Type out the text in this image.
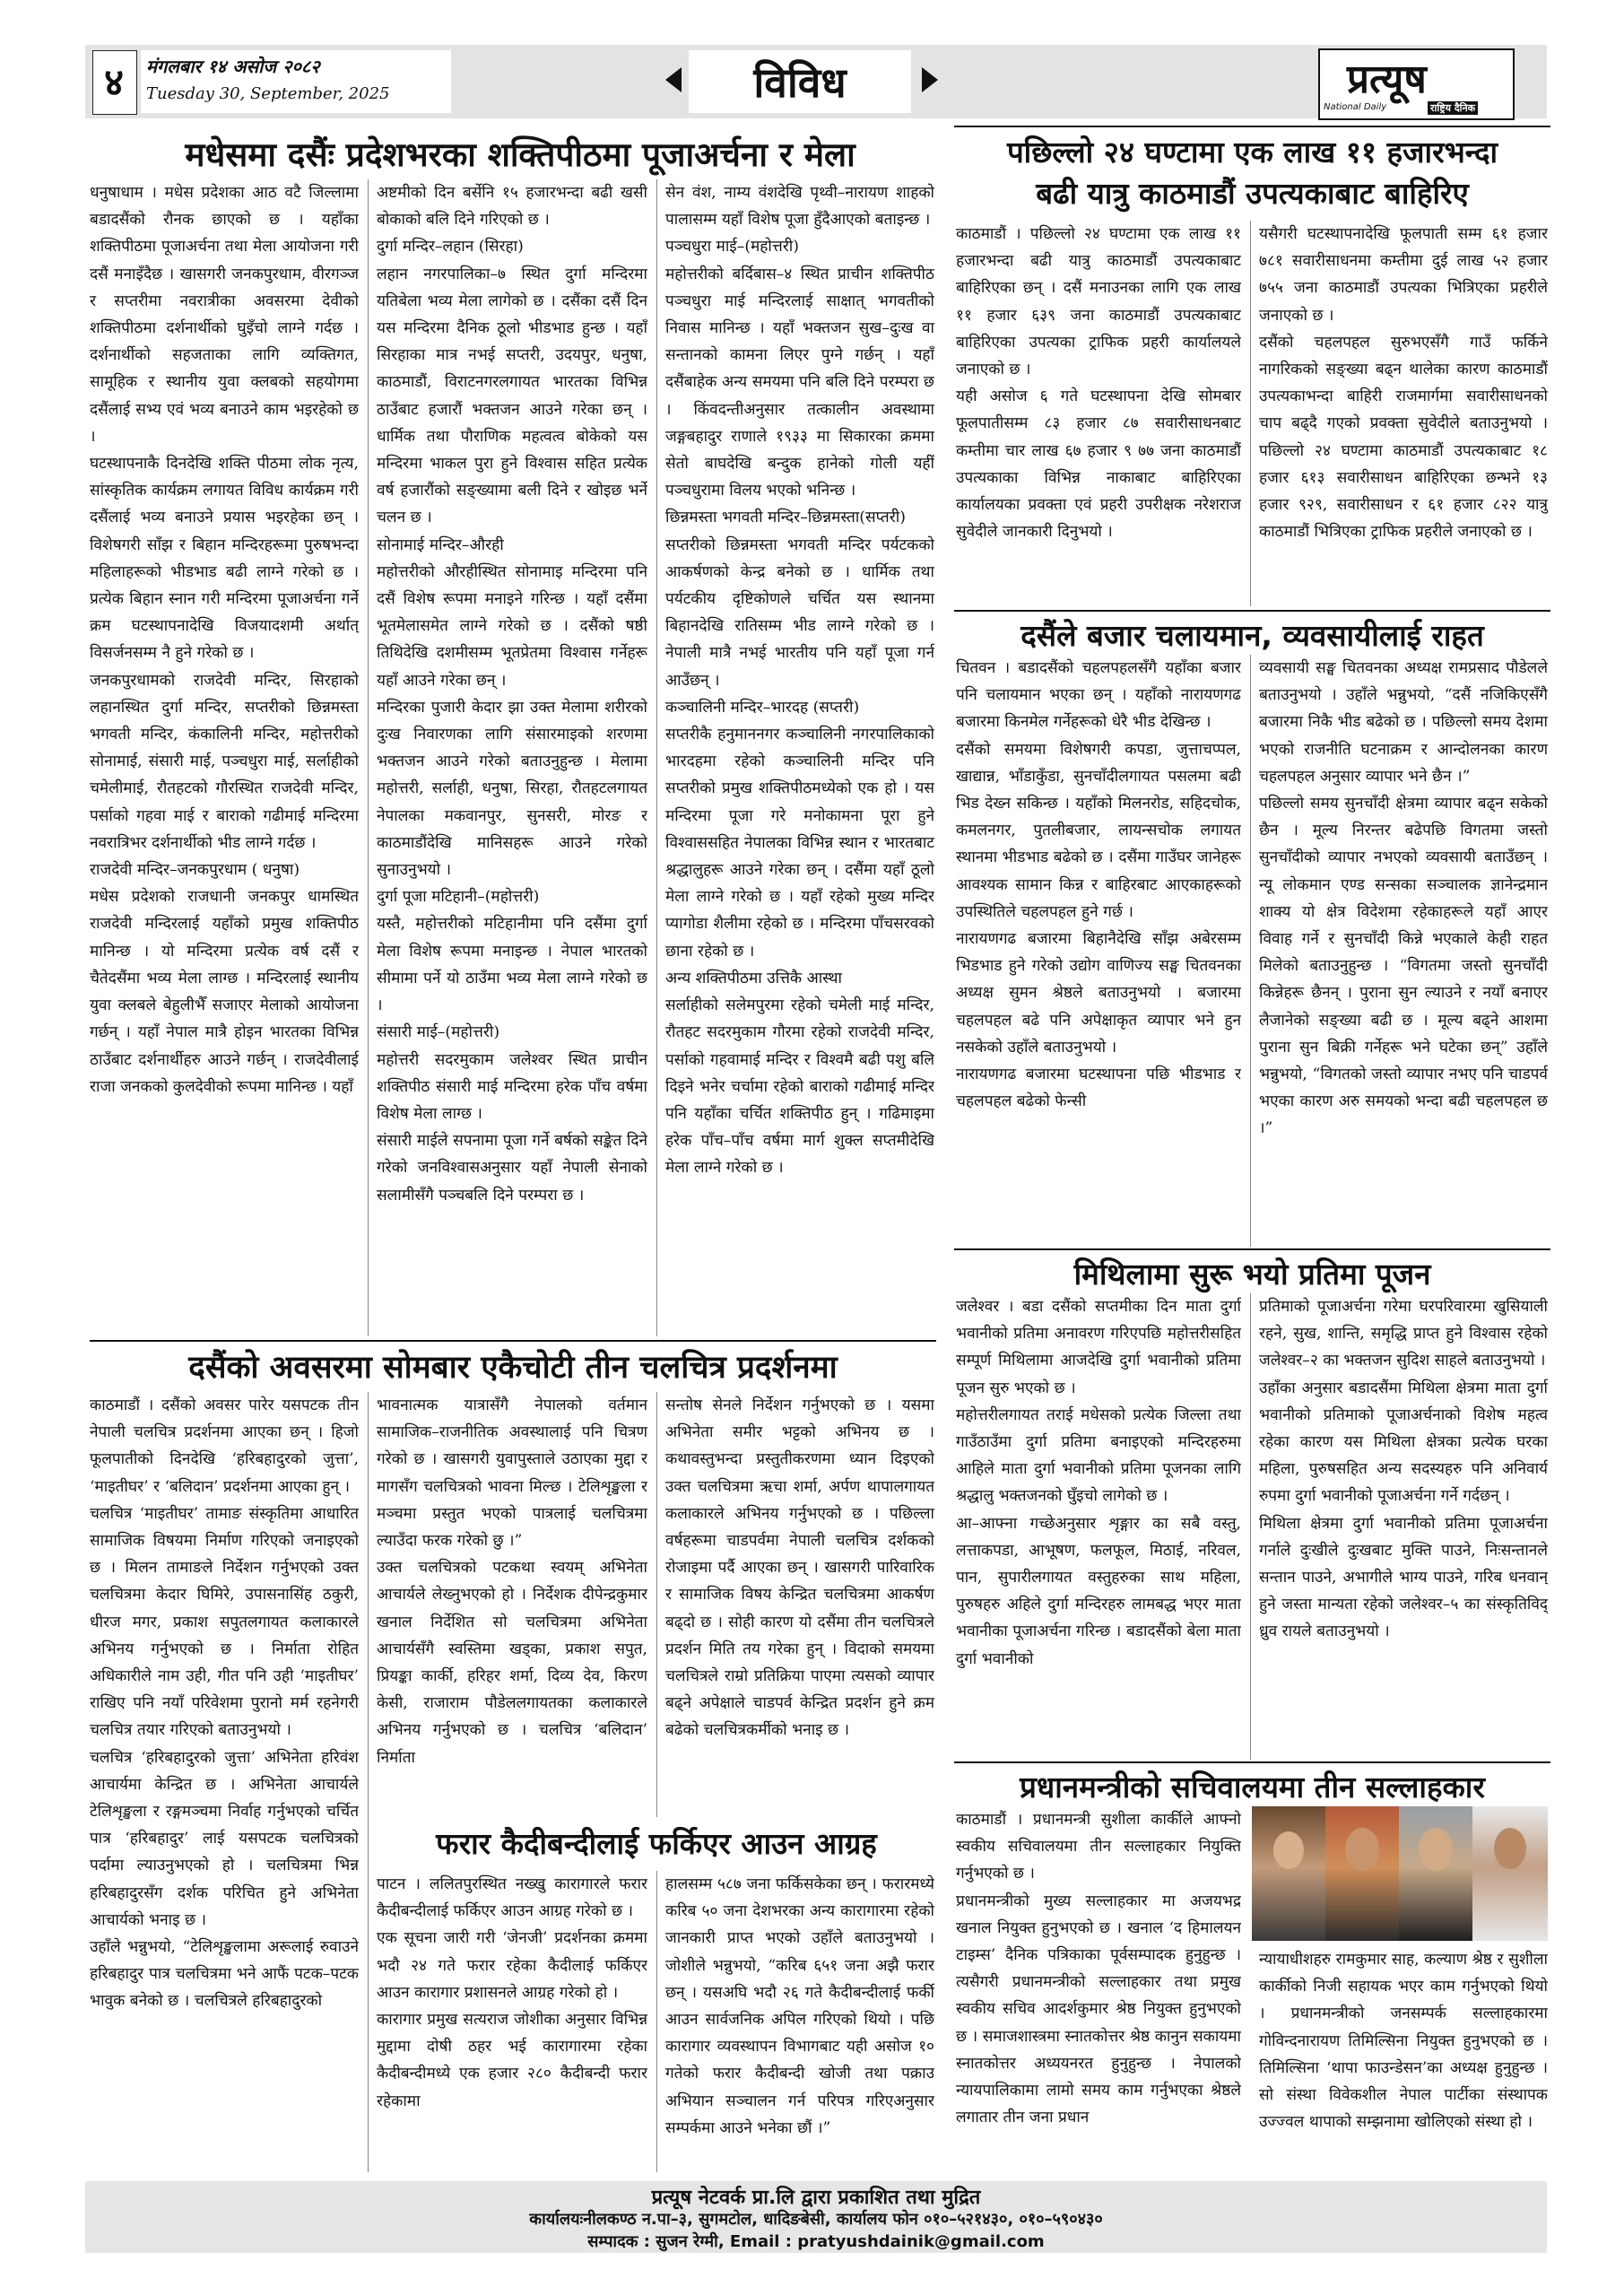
४	मंगलबार १४ असोज २०८२
Tuesday 30, September, 2025	विविध	प्रत्यूष
National Daily	राष्ट्रिय दैनिक
मधेसमा दसैंः प्रदेशभरका शक्तिपीठमा पूजाअर्चना र मेला
धनुषाधाम । मधेस प्रदेशका आठ वटै जिल्लामा बडादसैंको रौनक छाएको छ । यहाँका शक्तिपीठमा पूजाअर्चना तथा मेला आयोजना गरी दसैं मनाइँदैछ । खासगरी जनकपुरधाम, वीरगञ्ज र सप्तरीमा नवरात्रीका अवसरमा देवीको शक्तिपीठमा दर्शनार्थीको घुइँचो लाग्ने गर्दछ । दर्शनार्थीको सहजताका लागि व्यक्तिगत, सामूहिक र स्थानीय युवा क्लबको सहयोगमा दसैंलाई सभ्य एवं भव्य बनाउने काम भइरहेको छ ।
घटस्थापनाकै दिनदेखि शक्ति पीठमा लोक नृत्य, सांस्कृतिक कार्यक्रम लगायत विविध कार्यक्रम गरी दसैंलाई भव्य बनाउने प्रयास भइरहेका छन् । विशेषगरी साँझ र बिहान मन्दिरहरूमा पुरुषभन्दा महिलाहरूको भीडभाड बढी लाग्ने गरेको छ । प्रत्येक बिहान स्नान गरी मन्दिरमा पूजाअर्चना गर्ने क्रम घटस्थापनादेखि विजयादशमी अर्थात् विसर्जनसम्म नै हुने गरेको छ ।
जनकपुरधामको राजदेवी मन्दिर, सिरहाको लहानस्थित दुर्गा मन्दिर, सप्तरीको छिन्नमस्ता भगवती मन्दिर, कंकालिनी मन्दिर, महोत्तरीको सोनामाई, संसारी माई, पञ्चधुरा माई, सर्लाहीको चमेलीमाई, रौतहटको गौरस्थित राजदेवी मन्दिर, पर्साको गहवा माई र बाराको गढीमाई मन्दिरमा नवरात्रिभर दर्शनार्थीको भीड लाग्ने गर्दछ ।
राजदेवी मन्दिर–जनकपुरधाम ( धनुषा)
मधेस प्रदेशको राजधानी जनकपुर धामस्थित राजदेवी मन्दिरलाई यहाँको प्रमुख शक्तिपीठ मानिन्छ । यो मन्दिरमा प्रत्येक वर्ष दसैं र चैतेदसैंमा भव्य मेला लाग्छ । मन्दिरलाई स्थानीय युवा क्लबले बेहुलीभैँ सजाएर मेलाको आयोजना गर्छन् । यहाँ नेपाल मात्रै होइन भारतका विभिन्न ठाउँबाट दर्शनार्थीहरु आउने गर्छन् । राजदेवीलाई राजा जनकको कुलदेवीको रूपमा मानिन्छ । यहाँ
अष्टमीको दिन बर्सेनि १५ हजारभन्दा बढी खसी बोकाको बलि दिने गरिएको छ ।
दुर्गा मन्दिर–लहान (सिरहा)
लहान नगरपालिका–७ स्थित दुर्गा मन्दिरमा यतिबेला भव्य मेला लागेको छ । दसैंका दसैं दिन यस मन्दिरमा दैनिक ठूलो भीडभाड हुन्छ । यहाँ सिरहाका मात्र नभई सप्तरी, उदयपुर, धनुषा, काठमाडौं, विराटनगरलगायत भारतका विभिन्न ठाउँबाट हजारौं भक्तजन आउने गरेका छन् । धार्मिक तथा पौराणिक महत्वत्व बोकेको यस मन्दिरमा भाकल पुरा हुने विश्वास सहित प्रत्येक वर्ष हजारौंको सङ्ख्यामा बली दिने र खोइछ भर्ने चलन छ ।
सोनामाई मन्दिर–औरही
महोत्तरीको औरहीस्थित सोनामाइ मन्दिरमा पनि दसैं विशेष रूपमा मनाइने गरिन्छ । यहाँ दसैंमा भूतमेलासमेत लाग्ने गरेको छ । दसैंको षष्ठी तिथिदेखि दशमीसम्म भूतप्रेतमा विश्वास गर्नेहरू यहाँ आउने गरेका छन् ।
मन्दिरका पुजारी केदार झा उक्त मेलामा शरीरको दुःख निवारणका लागि संसारमाइको शरणमा भक्तजन आउने गरेको बताउनुहुन्छ । मेलामा महोत्तरी, सर्लाही, धनुषा, सिरहा, रौतहटलगायत नेपालका मकवानपुर, सुनसरी, मोरङ र काठमाडौंदेखि मानिसहरू आउने गरेको सुनाउनुभयो ।
दुर्गा पूजा मटिहानी–(महोत्तरी)
यस्तै, महोत्तरीको मटिहानीमा पनि दसैंमा दुर्गा मेला विशेष रूपमा मनाइन्छ । नेपाल भारतको सीमामा पर्ने यो ठाउँमा भव्य मेला लाग्ने गरेको छ ।
संसारी माई–(महोत्तरी)
महोत्तरी सदरमुकाम जलेश्वर स्थित प्राचीन शक्तिपीठ संसारी माई मन्दिरमा हरेक पाँच वर्षमा विशेष मेला लाग्छ ।
संसारी माईले सपनामा पूजा गर्ने बर्षको सङ्केत दिने गरेको जनविश्वासअनुसार यहाँ नेपाली सेनाको सलामीसँगै पञ्चबलि दिने परम्परा छ ।
सेन वंश, नाम्य वंशदेखि पृथ्वी–नारायण शाहको पालासम्म यहाँ विशेष पूजा हुँदैआएको बताइन्छ ।
पञ्चधुरा माई–(महोत्तरी)
महोत्तरीको बर्दिबास–४ स्थित प्राचीन शक्तिपीठ पञ्चधुरा माई मन्दिरलाई साक्षात् भगवतीको निवास मानिन्छ । यहाँ भक्तजन सुख–दुःख वा सन्तानको कामना लिएर पुग्ने गर्छन् । यहाँ दसैंबाहेक अन्य समयमा पनि बलि दिने परम्परा छ । किंवदन्तीअनुसार तत्कालीन अवस्थामा जङ्गबहादुर राणाले १९३३ मा सिकारका क्रममा सेतो बाघदेखि बन्दुक हानेको गोली यहीँ पञ्चधुरामा विलय भएको भनिन्छ ।
छिन्नमस्ता भगवती मन्दिर–छिन्नमस्ता(सप्तरी)
सप्तरीको छिन्नमस्ता भगवती मन्दिर पर्यटकको आकर्षणको केन्द्र बनेको छ । धार्मिक तथा पर्यटकीय दृष्टिकोणले चर्चित यस स्थानमा बिहानदेखि रातिसम्म भीड लाग्ने गरेको छ । नेपाली मात्रै नभई भारतीय पनि यहाँ पूजा गर्न आउँछन् ।
कञ्चालिनी मन्दिर–भारदह (सप्तरी)
सप्तरीकै हनुमाननगर कञ्चालिनी नगरपालिकाको भारदहमा रहेको कञ्चालिनी मन्दिर पनि सप्तरीको प्रमुख शक्तिपीठमध्येको एक हो । यस मन्दिरमा पूजा गरे मनोकामना पूरा हुने विश्वाससहित नेपालका विभिन्न स्थान र भारतबाट श्रद्धालुहरू आउने गरेका छन् । दसैंमा यहाँ ठूलो मेला लाग्ने गरेको छ । यहाँ रहेको मुख्य मन्दिर प्यागोडा शैलीमा रहेको छ । मन्दिरमा पाँचसरवको छाना रहेको छ ।
अन्य शक्तिपीठमा उत्तिकै आस्था
सर्लाहीको सलेमपुरमा रहेको चमेली माई मन्दिर, रौतहट सदरमुकाम गौरमा रहेको राजदेवी मन्दिर, पर्साको गहवामाई मन्दिर र विश्वमै बढी पशु बलि दिइने भनेर चर्चामा रहेको बाराको गढीमाई मन्दिर पनि यहाँका चर्चित शक्तिपीठ हुन् । गढिमाइमा हरेक पाँच–पाँच वर्षमा मार्ग शुक्ल सप्तमीदेखि मेला लाग्ने गरेको छ ।
पछिल्लो २४ घण्टामा एक लाख ११ हजारभन्दा
बढी यात्रु काठमाडौं उपत्यकाबाट बाहिरिए
काठमाडौं । पछिल्लो २४ घण्टामा एक लाख ११ हजारभन्दा बढी यात्रु काठमाडौं उपत्यकाबाट बाहिरिएका छन् । दसैं मनाउनका लागि एक लाख ११ हजार ६३९ जना काठमाडौं उपत्यकाबाट बाहिरिएका उपत्यका ट्राफिक प्रहरी कार्यालयले जनाएको छ ।
यही असोज ६ गते घटस्थापना देखि सोमबार फूलपातीसम्म ८३ हजार ८७ सवारीसाधनबाट कम्तीमा चार लाख ६७ हजार ९ ७७ जना काठमाडौं उपत्यकाका विभिन्न नाकाबाट बाहिरिएका कार्यालयका प्रवक्ता एवं प्रहरी उपरीक्षक नरेशराज सुवेदीले जानकारी दिनुभयो ।
यसैगरी घटस्थापनादेखि फूलपाती सम्म ६१ हजार ७८१ सवारीसाधनमा कम्तीमा दुई लाख ५२ हजार ७५५ जना काठमाडौं उपत्यका भित्रिएका प्रहरीले जनाएको छ ।
दसैंको चहलपहल सुरुभएसँगै गाउँ फर्किने नागरिकको सङ्ख्या बढ्न थालेका कारण काठमाडौं उपत्यकाभन्दा बाहिरी राजमार्गमा सवारीसाधनको चाप बढ्दै गएको प्रवक्ता सुवेदीले बताउनुभयो । पछिल्लो २४ घण्टामा काठमाडौं उपत्यकाबाट १८ हजार ६१३ सवारीसाधन बाहिरिएका छन्भने १३ हजार ९२९, सवारीसाधन र ६१ हजार ८२२ यात्रु काठमाडौं भित्रिएका ट्राफिक प्रहरीले जनाएको छ ।
दसैंले बजार चलायमान, व्यवसायीलाई राहत
चितवन । बडादसैंको चहलपहलसँगै यहाँका बजार पनि चलायमान भएका छन् । यहाँको नारायणगढ बजारमा किनमेल गर्नेहरूको धेरै भीड देखिन्छ ।
दसैंको समयमा विशेषगरी कपडा, जुत्ताचप्पल, खाद्यान्न, भाँडाकुँडा, सुनचाँदीलगायत पसलमा बढी भिड देख्न सकिन्छ । यहाँको मिलनरोड, सहिदचोक, कमलनगर, पुतलीबजार, लायन्सचोक लगायत स्थानमा भीडभाड बढेको छ । दसैंमा गाउँघर जानेहरू आवश्यक सामान किन्न र बाहिरबाट आएकाहरूको उपस्थितिले चहलपहल हुने गर्छ ।
नारायणगढ बजारमा बिहानैदेखि साँझ अबेरसम्म भिडभाड हुने गरेको उद्योग वाणिज्य सङ्घ चितवनका अध्यक्ष सुमन श्रेष्ठले बताउनुभयो । बजारमा चहलपहल बढे पनि अपेक्षाकृत व्यापार भने हुन नसकेको उहाँले बताउनुभयो ।
नारायणगढ बजारमा घटस्थापना पछि भीडभाड र चहलपहल बढेको फेन्सी
व्यवसायी सङ्घ चितवनका अध्यक्ष रामप्रसाद पौडेलले बताउनुभयो । उहाँले भन्नुभयो, “दसैं नजिकिएसँगै बजारमा निकै भीड बढेको छ । पछिल्लो समय देशमा भएको राजनीति घटनाक्रम र आन्दोलनका कारण चहलपहल अनुसार व्यापार भने छैन ।”
पछिल्लो समय सुनचाँदी क्षेत्रमा व्यापार बढ्न सकेको छैन । मूल्य निरन्तर बढेपछि विगतमा जस्तो सुनचाँदीको व्यापार नभएको व्यवसायी बताउँछन् । न्यू लोकमान एण्ड सन्सका सञ्चालक ज्ञानेन्द्रमान शाक्य यो क्षेत्र विदेशमा रहेकाहरूले यहाँ आएर विवाह गर्ने र सुनचाँदी किन्ने भएकाले केही राहत मिलेको बताउनुहुन्छ । “विगतमा जस्तो सुनचाँदी किन्नेहरू छैनन् । पुराना सुन ल्याउने र नयाँ बनाएर लैजानेको सङ्ख्या बढी छ । मूल्य बढ्ने आशमा पुराना सुन बिक्री गर्नेहरू भने घटेका छन्” उहाँले भन्नुभयो, “विगतको जस्तो व्यापार नभए पनि चाडपर्व भएका कारण अरु समयको भन्दा बढी चहलपहल छ ।”
मिथिलामा सुरू भयो प्रतिमा पूजन
जलेश्वर । बडा दसैंको सप्तमीका दिन माता दुर्गा भवानीको प्रतिमा अनावरण गरिएपछि महोत्तरीसहित सम्पूर्ण मिथिलामा आजदेखि दुर्गा भवानीको प्रतिमा पूजन सुरु भएको छ ।
महोत्तरीलगायत तराई मधेसको प्रत्येक जिल्ला तथा गाउँठाउँमा दुर्गा प्रतिमा बनाइएको मन्दिरहरुमा आहिले माता दुर्गा भवानीको प्रतिमा पूजनका लागि श्रद्धालु भक्तजनको घुँइचो लागेको छ ।
आ–आफ्ना गच्छेअनुसार शृङ्गार का सबै वस्तु, लत्ताकपडा, आभूषण, फलफूल, मिठाई, नरिवल, पान, सुपारीलगायत वस्तुहरुका साथ महिला, पुरुषहरु अहिले दुर्गा मन्दिरहरु लामबद्ध भएर माता भवानीका पूजाअर्चना गरिन्छ । बडादसैंको बेला माता दुर्गा भवानीको
प्रतिमाको पूजाअर्चना गरेमा घरपरिवारमा खुसियाली रहने, सुख, शान्ति, समृद्धि प्राप्त हुने विश्वास रहेको जलेश्वर–२ का भक्तजन सुदिश साहले बताउनुभयो ।
उहाँका अनुसार बडादसैंमा मिथिला क्षेत्रमा माता दुर्गा भवानीको प्रतिमाको पूजाअर्चनाको विशेष महत्व रहेका कारण यस मिथिला क्षेत्रका प्रत्येक घरका महिला, पुरुषसहित अन्य सदस्यहरु पनि अनिवार्य रुपमा दुर्गा भवानीको पूजाअर्चना गर्ने गर्दछन् ।
मिथिला क्षेत्रमा दुर्गा भवानीको प्रतिमा पूजाअर्चना गर्नाले दुःखीले दुःखबाट मुक्ति पाउने, निःसन्तानले सन्तान पाउने, अभागीले भाग्य पाउने, गरिब धनवान् हुने जस्ता मान्यता रहेको जलेश्वर–५ का संस्कृतिविद् ध्रुव रायले बताउनुभयो ।
प्रधानमन्त्रीको सचिवालयमा तीन सल्लाहकार
काठमाडौं । प्रधानमन्त्री सुशीला कार्कीले आफ्नो स्वकीय सचिवालयमा तीन सल्लाहकार नियुक्ति गर्नुभएको छ ।
प्रधानमन्त्रीको मुख्य सल्लाहकार मा अजयभद्र खनाल नियुक्त हुनुभएको छ । खनाल ‘द हिमालयन टाइम्स’ दैनिक पत्रिकाका पूर्वसम्पादक हुनुहुन्छ । त्यसैगरी प्रधानमन्त्रीको सल्लाहकार तथा प्रमुख स्वकीय सचिव आदर्शकुमार श्रेष्ठ नियुक्त हुनुभएको छ । समाजशास्त्रमा स्नातकोत्तर श्रेष्ठ कानुन सकायमा स्नातकोत्तर अध्ययनरत हुनुहुन्छ । नेपालको न्यायपालिकामा लामो समय काम गर्नुभएका श्रेष्ठले लगातार तीन जना प्रधान
न्यायाधीशहरु रामकुमार साह, कल्याण श्रेष्ठ र सुशीला कार्कीको निजी सहायक भएर काम गर्नुभएको थियो । प्रधानमन्त्रीको जनसम्पर्क सल्लाहकारमा गोविन्दनारायण तिमिल्सिना नियुक्त हुनुभएको छ । तिमिल्सिना ‘थापा फाउन्डेसन’का अध्यक्ष हुनुहुन्छ । सो संस्था विवेकशील नेपाल पार्टीका संस्थापक उज्ज्वल थापाको सम्झनामा खोलिएको संस्था हो ।
दसैंको अवसरमा सोमबार एकैचोटी तीन चलचित्र प्रदर्शनमा
काठमाडौं । दसैंको अवसर पारेर यसपटक तीन नेपाली चलचित्र प्रदर्शनमा आएका छन् । हिजो फूलपातीको दिनदेखि ‘हरिबहादुरको जुत्ता’, ‘माइतीघर’ र ‘बलिदान’ प्रदर्शनमा आएका हुन् ।
चलचित्र ‘माइतीघर’ तामाङ संस्कृतिमा आधारित सामाजिक विषयमा निर्माण गरिएको जनाइएको छ । मिलन तामाङले निर्देशन गर्नुभएको उक्त चलचित्रमा केदार घिमिरे, उपासनासिंह ठकुरी, धीरज मगर, प्रकाश सपुतलगायत कलाकारले अभिनय गर्नुभएको छ । निर्माता रोहित अधिकारीले नाम उही, गीत पनि उही ‘माइतीघर’ राखिए पनि नयाँ परिवेशमा पुरानो मर्म रहनेगरी चलचित्र तयार गरिएको बताउनुभयो ।
चलचित्र ‘हरिबहादुरको जुत्ता’ अभिनेता हरिवंश आचार्यमा केन्द्रित छ । अभिनेता आचार्यले टेलिशृङ्खला र रङ्गमञ्चमा निर्वाह गर्नुभएको चर्चित पात्र ‘हरिबहादुर’ लाई यसपटक चलचित्रको पर्दामा ल्याउनुभएको हो । चलचित्रमा भिन्न हरिबहादुरसँग दर्शक परिचित हुने अभिनेता आचार्यको भनाइ छ ।
उहाँले भन्नुभयो, “टेलिशृङ्खलामा अरूलाई रुवाउने हरिबहादुर पात्र चलचित्रमा भने आफैं पटक–पटक भावुक बनेको छ । चलचित्रले हरिबहादुरको
भावनात्मक यात्रासँगै नेपालको वर्तमान सामाजिक–राजनीतिक अवस्थालाई पनि चित्रण गरेको छ । खासगरी युवापुस्ताले उठाएका मुद्दा र मागसँग चलचित्रको भावना मिल्छ । टेलिशृङ्खला र मञ्चमा प्रस्तुत भएको पात्रलाई चलचित्रमा ल्याउँदा फरक गरेको छु ।”
उक्त चलचित्रको पटकथा स्वयम् अभिनेता आचार्यले लेख्नुभएको हो । निर्देशक दीपेन्द्रकुमार खनाल निर्देशित सो चलचित्रमा अभिनेता आचार्यसँगै स्वस्तिमा खड्का, प्रकाश सपुत, प्रियङ्का कार्की, हरिहर शर्मा, दिव्य देव, किरण केसी, राजाराम पौडेललगायतका कलाकारले अभिनय गर्नुभएको छ । चलचित्र ‘बलिदान’ निर्माता
सन्तोष सेनले निर्देशन गर्नुभएको छ । यसमा अभिनेता समीर भट्टको अभिनय छ । कथावस्तुभन्दा प्रस्तुतीकरणमा ध्यान दिइएको उक्त चलचित्रमा ऋचा शर्मा, अर्पण थापालगायत कलाकारले अभिनय गर्नुभएको छ । पछिल्ला वर्षहरूमा चाडपर्वमा नेपाली चलचित्र दर्शकको रोजाइमा पर्दै आएका छन् । खासगरी पारिवारिक र सामाजिक विषय केन्द्रित चलचित्रमा आकर्षण बढ्दो छ । सोही कारण यो दसैंमा तीन चलचित्रले प्रदर्शन मिति तय गरेका हुन् । विदाको समयमा चलचित्रले राम्रो प्रतिक्रिया पाएमा त्यसको व्यापार बढ्ने अपेक्षाले चाडपर्व केन्द्रित प्रदर्शन हुने क्रम बढेको चलचित्रकर्मीको भनाइ छ ।
फरार कैदीबन्दीलाई फर्किएर आउन आग्रह
पाटन । ललितपुरस्थित नख्खु कारागारले फरार कैदीबन्दीलाई फर्किएर आउन आग्रह गरेको छ ।
एक सूचना जारी गरी ‘जेनजी’ प्रदर्शनका क्रममा भदौ २४ गते फरार रहेका कैदीलाई फर्किएर आउन कारागार प्रशासनले आग्रह गरेको हो ।
कारागार प्रमुख सत्यराज जोशीका अनुसार विभिन्न मुद्दामा दोषी ठहर भई कारागारमा रहेका कैदीबन्दीमध्ये एक हजार २८० कैदीबन्दी फरार रहेकामा
हालसम्म ५८७ जना फर्किसकेका छन् । फरारमध्ये करिब ५० जना देशभरका अन्य कारागारमा रहेको जानकारी प्राप्त भएको उहाँले बताउनुभयो । जोशीले भन्नुभयो, “करिब ६५१ जना अझै फरार छन् । यसअघि भदौ २६ गते कैदीबन्दीलाई फर्की आउन सार्वजनिक अपिल गरिएको थियो । पछि कारागार व्यवस्थापन विभागबाट यही असोज १० गतेको फरार कैदीबन्दी खोजी तथा पक्राउ अभियान सञ्चालन गर्न परिपत्र गरिएअनुसार सम्पर्कमा आउने भनेका छौं ।”
प्रत्यूष नेटवर्क प्रा.लि द्वारा प्रकाशित तथा मुद्रित
कार्यालयःनीलकण्ठ न.पा–३, सुगमटोल, धादिङबेसी, कार्यालय फोन ०१०–५२१४३०, ०१०–५९०४३०
सम्पादक : सुजन रेग्मी, Email : pratyushdainik@gmail.com
